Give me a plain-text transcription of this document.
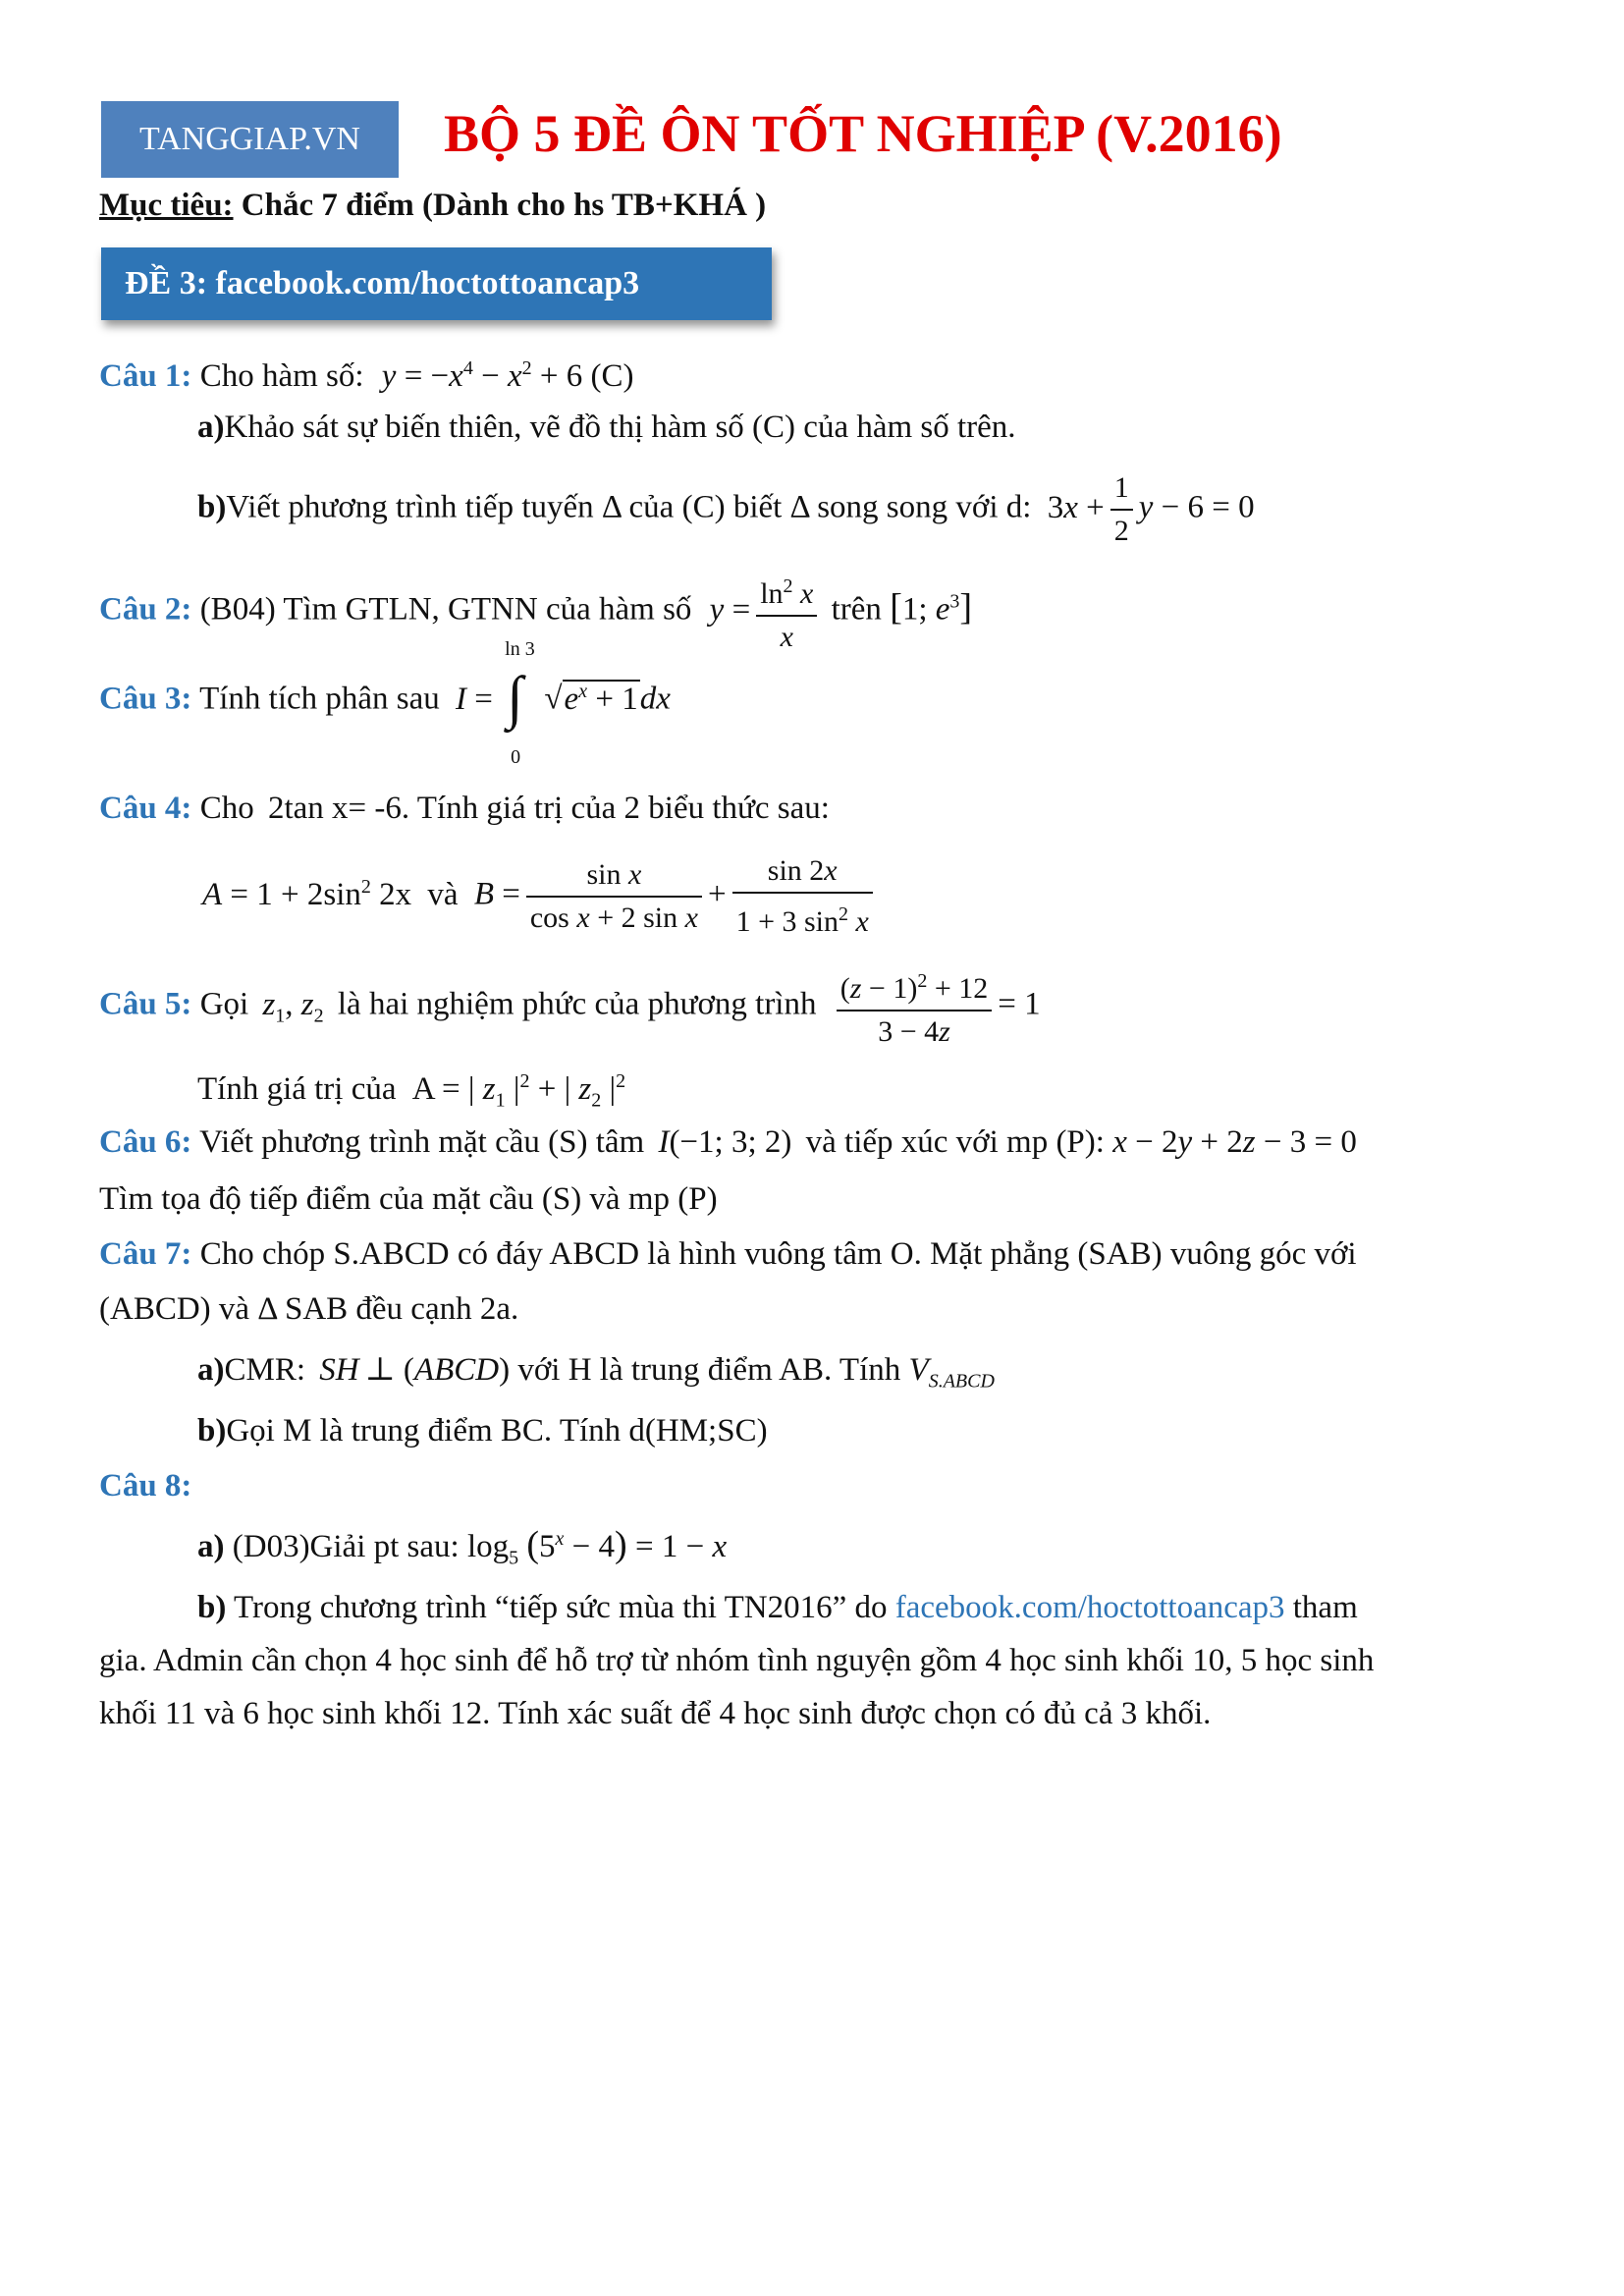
TANGGIAP.VN	BỘ 5 ĐỀ ÔN TỐT NGHIỆP (V.2016)
Mục tiêu: Chắc 7 điểm (Dành cho hs TB+KHÁ )
ĐỀ 3: facebook.com/hoctottoancap3
Câu 1: Cho hàm số: $y = -x^4 - x^2 + 6$ (C)
a)Khảo sát sự biến thiên, vẽ đồ thị hàm số (C) của hàm số trên.
b)Viết phương trình tiếp tuyến Δ của (C) biết Δ song song với d: $3x + \frac{1}{2}$ y − 6 = 0
Câu 2: (B04) Tìm GTLN, GTNN của hàm số $y = \frac{\ln^2 x}{x}$ trên [1; $e^3$]
Câu 3: Tính tích phân sau I =
ln 3
∫
0
$√e^x + 1dx$
Câu 4: Cho 2tan x= -6. Tính giá trị của 2 biểu thức sau:
$A = 1 + 2\sin^2$ 2x và $B = \frac{\text{sin x}}{\text{cos x + 2 sin x}} + \frac{\sin 2x}{1 + 3 \sin^2 x}$
Câu 5: Gọi $z_1$, $z_2$ là hai nghiệm phức của phương trình $\frac{(z - 1)^2 + 12}{3 - 4z} = 1$
Tính giá trị của A = | $z_1$ $|^2$ + | $z_2$ $|^2$
Câu 6: Viết phương trình mặt cầu (S) tâm I(−1; 3; 2) và tiếp xúc với mp (P): x − 2y + 2z − 3 = 0
Tìm tọa độ tiếp điểm của mặt cầu (S) và mp (P)
Câu 7: Cho chóp S.ABCD có đáy ABCD là hình vuông tâm O. Mặt phẳng (SAB) vuông góc với
(ABCD) và Δ SAB đều cạnh 2a.
a)CMR: SH ⊥ (ABCD) với H là trung điểm AB. Tính $V_{S.ABCD}$
b)Gọi M là trung điểm BC. Tính d(HM;SC)
Câu 8:
a) (D03)Giải pt sau: $\log_5 (5^x - 4) = 1 - x$
b) Trong chương trình “tiếp sức mùa thi TN2016” do facebook.com/hoctottoancap3 tham
gia. Admin cần chọn 4 học sinh để hỗ trợ từ nhóm tình nguyện gồm 4 học sinh khối 10, 5 học sinh
khối 11 và 6 học sinh khối 12. Tính xác suất để 4 học sinh được chọn có đủ cả 3 khối.
